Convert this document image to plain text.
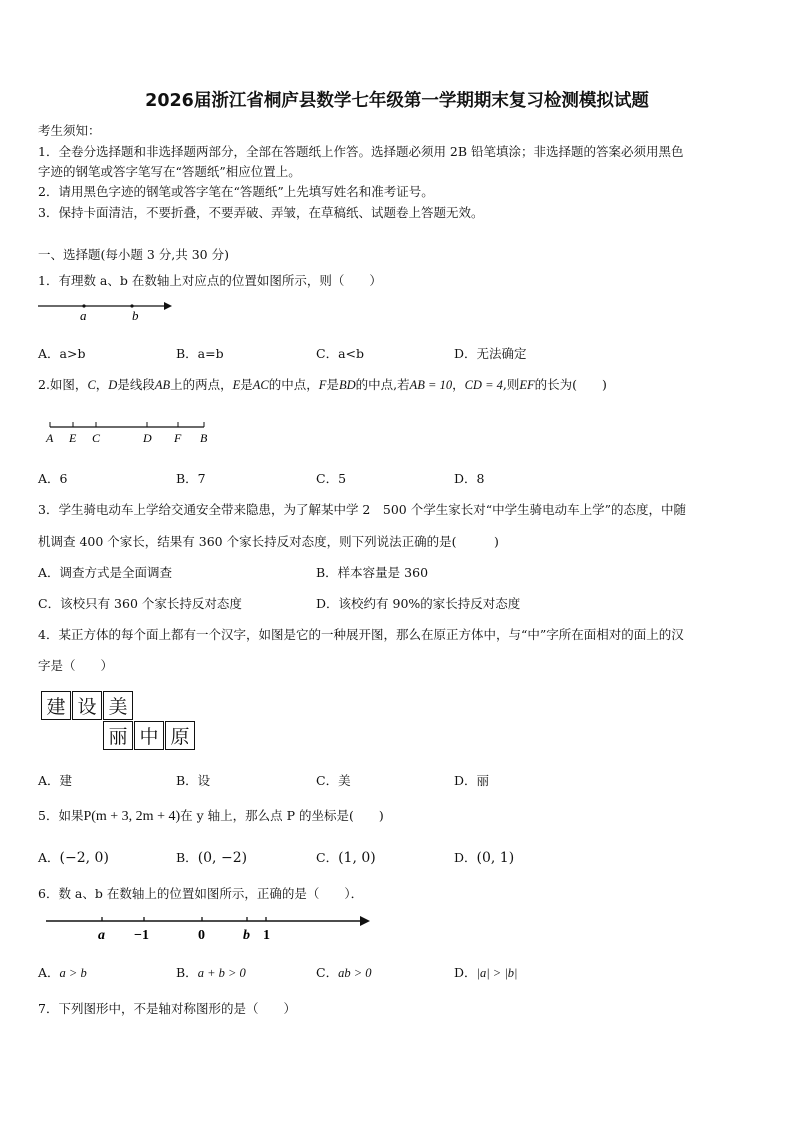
2026届浙江省桐庐县数学七年级第一学期期末复习检测模拟试题
考生须知：
1．全卷分选择题和非选择题两部分，全部在答题纸上作答。选择题必须用 2B 铅笔填涂；非选择题的答案必须用黑色
字迹的钢笔或答字笔写在“答题纸”相应位置上。
2．请用黑色字迹的钢笔或答字笔在“答题纸”上先填写姓名和准考证号。
3．保持卡面清洁，不要折叠，不要弄破、弄皱，在草稿纸、试题卷上答题无效。
一、选择题(每小题 3 分,共 30 分)
1．有理数 a、b 在数轴上对应点的位置如图所示，则（　　）
a	b
A．a>b	B．a=b	C．a<b	D．无法确定
2.如图，C，D是线段AB上的两点，E是AC的中点，F是BD的中点,若AB = 10，CD = 4,则EF的长为(　　)
A E C	D F B
A．6	B．7	C．5	D．8
3．学生骑电动车上学给交通安全带来隐患，为了解某中学 2　500 个学生家长对“中学生骑电动车上学”的态度，中随
机调查 400 个家长，结果有 360 个家长持反对态度，则下列说法正确的是(　　　)
A．调查方式是全面调查	B．样本容量是 360
C．该校只有 360 个家长持反对态度	D．该校约有 90%的家长持反对态度
4．某正方体的每个面上都有一个汉字，如图是它的一种展开图，那么在原正方体中，与“中”字所在面相对的面上的汉
字是（　　）
建 设 美
丽 中 原
A．建	B．设	C．美	D．丽
5．如果P(m + 3, 2m + 4)在 y 轴上，那么点 P 的坐标是(　　)
A．(−2, 0)	B．(0, −2)	C．(1, 0)	D．(0, 1)
6．数 a、b 在数轴上的位置如图所示，正确的是（　　）．
a −1	0	b 1
A．a > b	B．a + b > 0	C．ab > 0	D．|a| > |b|
7．下列图形中，不是轴对称图形的是（　　）
